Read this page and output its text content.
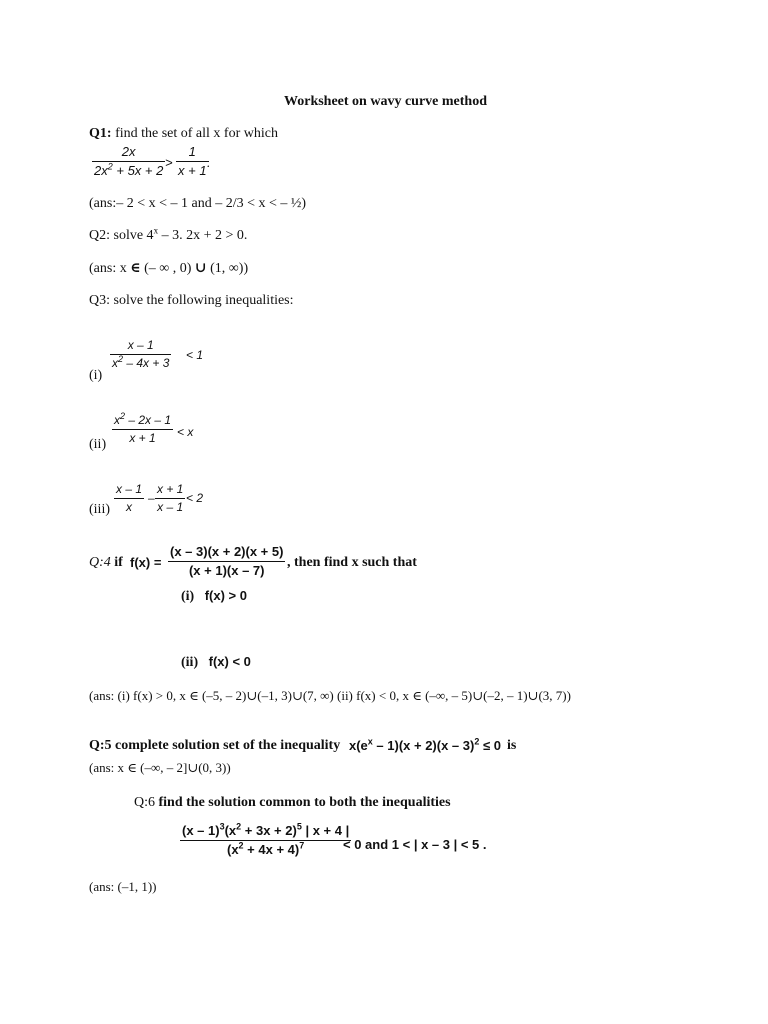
Worksheet on wavy curve method
Q1: find the set of all x for which
2x
$2x^2 + 5x + 2$
>
1
x + 1
.
(ans:– 2 < x < – 1 and – 2/3 < x < – ½)
Q2: solve 4$^x$ – 3. 2x + 2 > 0.
(ans: x ∈ (– ∞ , 0) ∪ (1, ∞))
Q3: solve the following inequalities:
(i)
x – 1
$x^2 - 4x + 3$
< 1
(ii)
$x^2 - 2x - 1$
x + 1 < x
(iii)
x – 1
x
–
x + 1
x – 1
< 2
Q:4 if f(x) =
(x – 3)(x + 2)(x + 5)
(x + 1)(x – 7)
, then find x such that
(i) f(x) > 0
(ii) f(x) < 0
(ans: (i) f(x) > 0, x ∈ (–5, – 2)∪(–1, 3)∪(7, ∞) (ii) f(x) < 0, x ∈ (–∞, – 5)∪(–2, – 1)∪(3, 7))
Q:5 complete solution set of the inequality $x(e^x - 1)(x + 2)(x - 3)^2 \le 0$ is
(ans: x ∈ (–∞, – 2]∪(0, 3))
Q:6 find the solution common to both the inequalities
$(x - 1)^3(x^2 + 3x + 2)^5$ | x + 4 |
$(x^2 + 4x + 4)^7$	< 0 and 1 < | x – 3 | < 5 .
(ans: (–1, 1))
